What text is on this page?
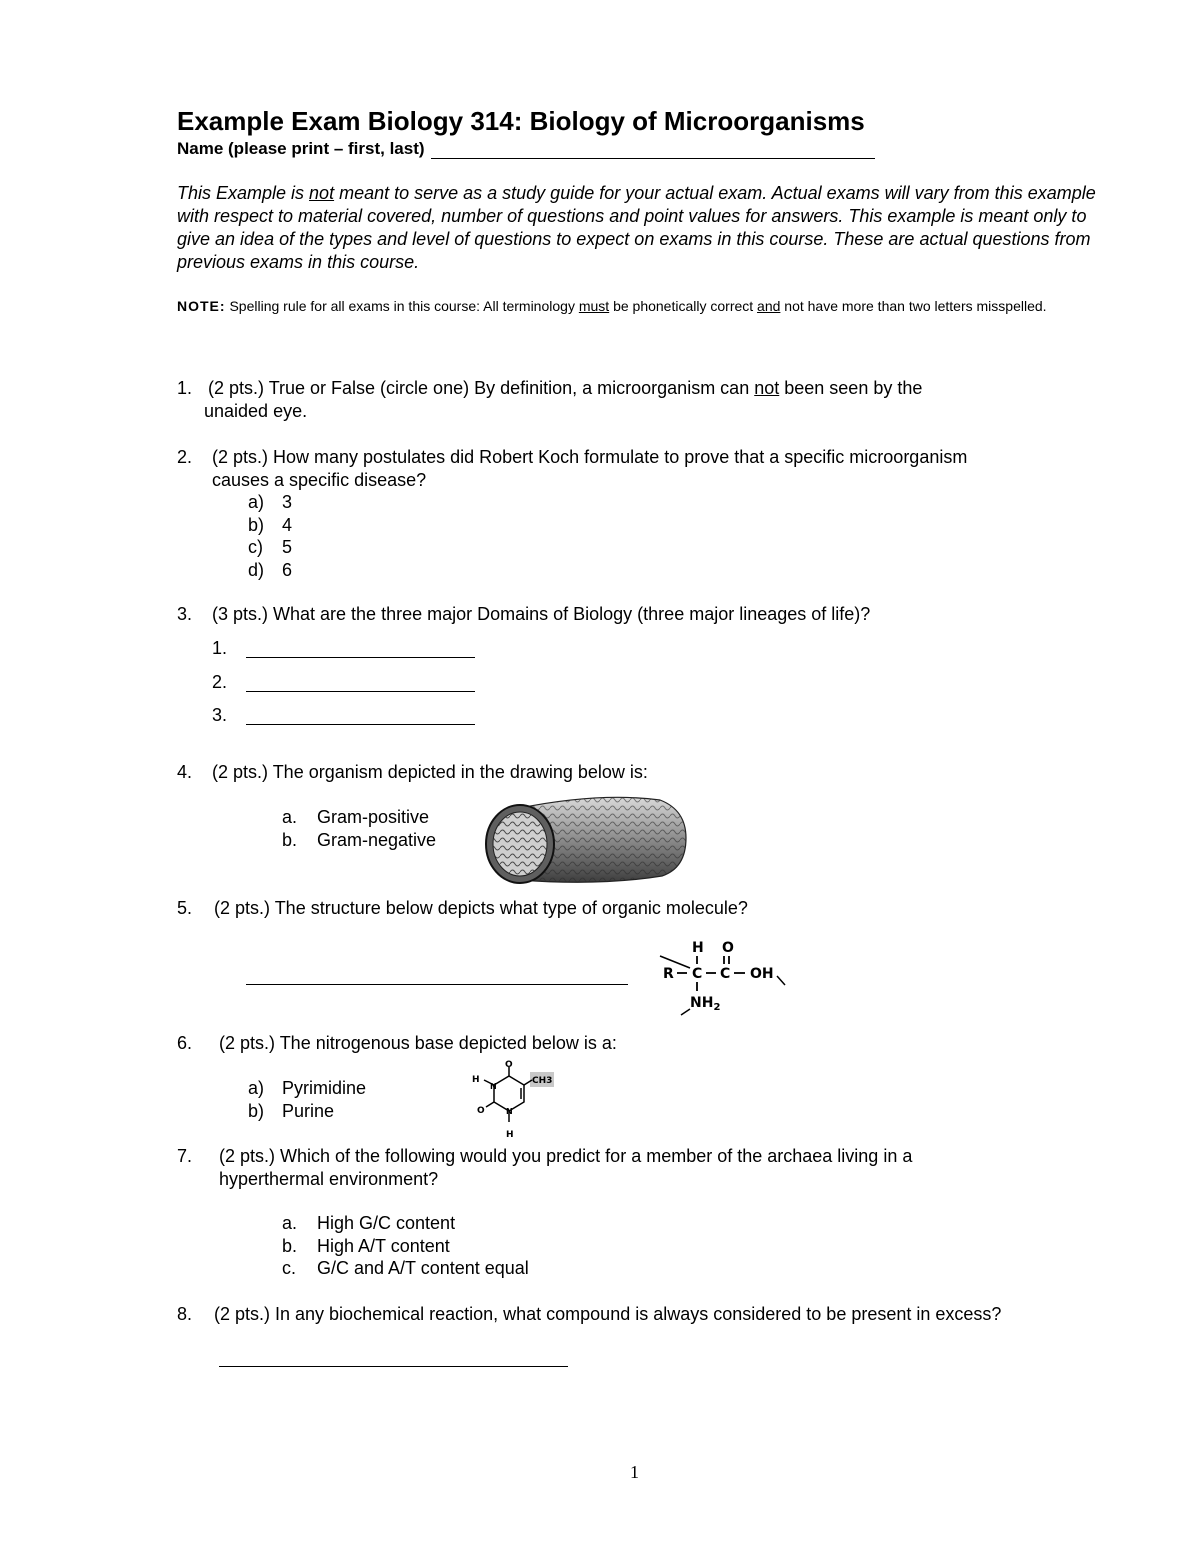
Example Exam Biology 314: Biology of Microorganisms
Name (please print – first, last)
This Example is not meant to serve as a study guide for your actual exam. Actual exams will vary from this example with respect to material covered, number of questions and point values for answers. This example is meant only to give an idea of the types and level of questions to expect on exams in this course. These are actual questions from previous exams in this course.
NOTE: Spelling rule for all exams in this course: All terminology must be phonetically correct and not have more than two letters misspelled.
1. (2 pts.) True or False (circle one) By definition, a microorganism can not been seen by the
unaided eye.
2. (2 pts.) How many postulates did Robert Koch formulate to prove that a specific microorganism
causes a specific disease?
a) 3
b) 4
c) 5
d) 6
3. (3 pts.) What are the three major Domains of Biology (three major lineages of life)?
1.
2.
3.
4. (2 pts.) The organism depicted in the drawing below is:
a. Gram-positive
b. Gram-negative
5. (2 pts.) The structure below depicts what type of organic molecule?
H O
R C C OH
$NH_2$
6. (2 pts.) The nitrogenous base depicted below is a:
a) Pyrimidine
b) Purine
O
H
N
CH3
O	N
H
7. (2 pts.) Which of the following would you predict for a member of the archaea living in a
hyperthermal environment?
a. High G/C content
b. High A/T content
c. G/C and A/T content equal
8. (2 pts.) In any biochemical reaction, what compound is always considered to be present in excess?
1
